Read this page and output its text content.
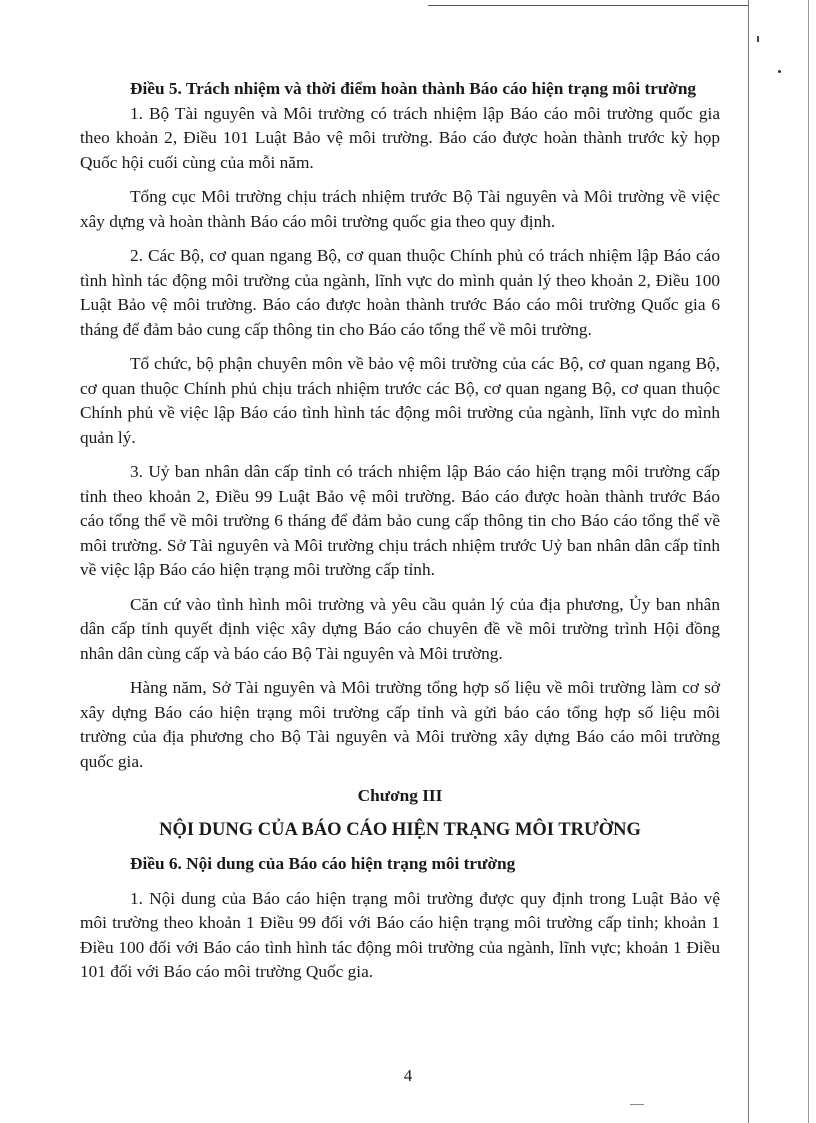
Điều 5. Trách nhiệm và thời điểm hoàn thành Báo cáo hiện trạng môi trường

1. Bộ Tài nguyên và Môi trường có trách nhiệm lập Báo cáo môi trường quốc gia theo khoản 2, Điều 101 Luật Bảo vệ môi trường. Báo cáo được hoàn thành trước kỳ họp Quốc hội cuối cùng của mỗi năm.

Tổng cục Môi trường chịu trách nhiệm trước Bộ Tài nguyên và Môi trường về việc xây dựng và hoàn thành Báo cáo môi trường quốc gia theo quy định.

2. Các Bộ, cơ quan ngang Bộ, cơ quan thuộc Chính phủ có trách nhiệm lập Báo cáo tình hình tác động môi trường của ngành, lĩnh vực do mình quản lý theo khoản 2, Điều 100 Luật Bảo vệ môi trường. Báo cáo được hoàn thành trước Báo cáo môi trường Quốc gia 6 tháng để đảm bảo cung cấp thông tin cho Báo cáo tổng thể về môi trường.

Tổ chức, bộ phận chuyên môn về bảo vệ môi trường của các Bộ, cơ quan ngang Bộ, cơ quan thuộc Chính phủ chịu trách nhiệm trước các Bộ, cơ quan ngang Bộ, cơ quan thuộc Chính phủ về việc lập Báo cáo tình hình tác động môi trường của ngành, lĩnh vực do mình quản lý.

3. Uỷ ban nhân dân cấp tỉnh có trách nhiệm lập Báo cáo hiện trạng môi trường cấp tỉnh theo khoản 2, Điều 99 Luật Bảo vệ môi trường. Báo cáo được hoàn thành trước Báo cáo tổng thể về môi trường 6 tháng để đảm bảo cung cấp thông tin cho Báo cáo tổng thể về môi trường. Sở Tài nguyên và Môi trường chịu trách nhiệm trước Uỷ ban nhân dân cấp tỉnh về việc lập Báo cáo hiện trạng môi trường cấp tỉnh.

Căn cứ vào tình hình môi trường và yêu cầu quản lý của địa phương, Ủy ban nhân dân cấp tỉnh quyết định việc xây dựng Báo cáo chuyên đề về môi trường trình Hội đồng nhân dân cùng cấp và báo cáo Bộ Tài nguyên và Môi trường.

Hàng năm, Sở Tài nguyên và Môi trường tổng hợp số liệu về môi trường làm cơ sở xây dựng Báo cáo hiện trạng môi trường cấp tỉnh và gửi báo cáo tổng hợp số liệu môi trường của địa phương cho Bộ Tài nguyên và Môi trường xây dựng Báo cáo môi trường quốc gia.

Chương III
NỘI DUNG CỦA BÁO CÁO HIỆN TRẠNG MÔI TRƯỜNG

Điều 6. Nội dung của Báo cáo hiện trạng môi trường

1. Nội dung của Báo cáo hiện trạng môi trường được quy định trong Luật Bảo vệ môi trường theo khoản 1 Điều 99 đối với Báo cáo hiện trạng môi trường cấp tỉnh; khoản 1 Điều 100 đối với Báo cáo tình hình tác động môi trường của ngành, lĩnh vực; khoản 1 Điều 101 đối với Báo cáo môi trường Quốc gia.

4
